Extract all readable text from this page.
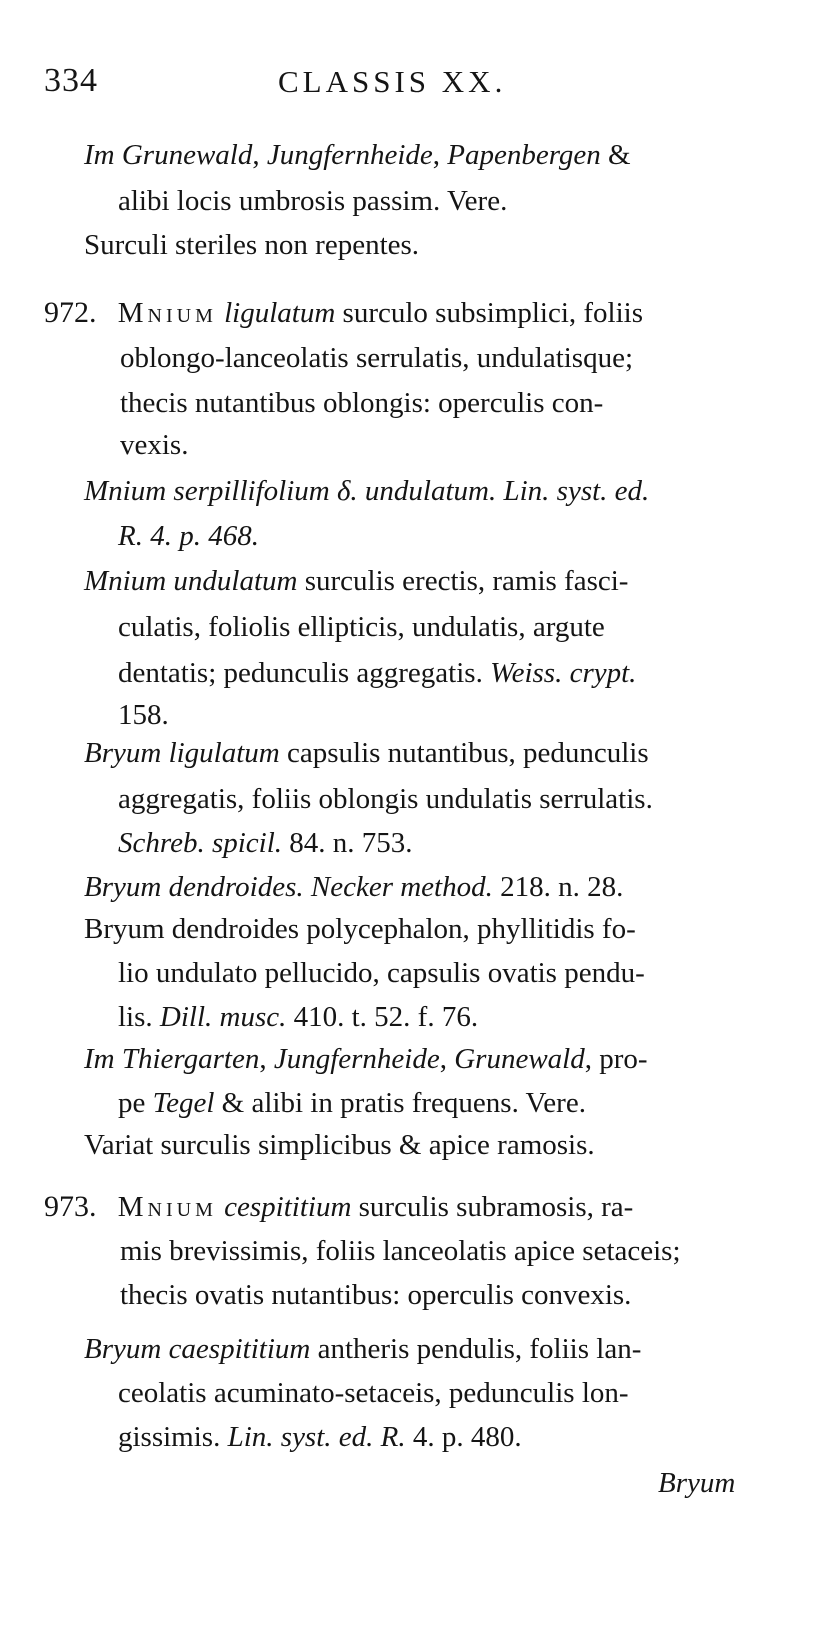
334	CLASSIS XX.
Im Grunewald, Jungfernheide, Papenbergen &
alibi locis umbrosis passim. Vere.
Surculi steriles non repentes.
972. Mnium ligulatum surculo subsimplici, foliis
oblongo-lanceolatis serrulatis, undulatisque;
thecis nutantibus oblongis: operculis con-
vexis.
Mnium serpillifolium δ. undulatum. Lin. syst. ed.
R. 4. p. 468.
Mnium undulatum surculis erectis, ramis fasci-
culatis, foliolis ellipticis, undulatis, argute
dentatis; pedunculis aggregatis. Weiss. crypt.
158.
Bryum ligulatum capsulis nutantibus, pedunculis
aggregatis, foliis oblongis undulatis serrulatis.
Schreb. spicil. 84. n. 753.
Bryum dendroides. Necker method. 218. n. 28.
Bryum dendroides polycephalon, phyllitidis fo-
lio undulato pellucido, capsulis ovatis pendu-
lis. Dill. musc. 410. t. 52. f. 76.
Im Thiergarten, Jungfernheide, Grunewald, pro-
pe Tegel & alibi in pratis frequens. Vere.
Variat surculis simplicibus & apice ramosis.
973. Mnium cespititium surculis subramosis, ra-
mis brevissimis, foliis lanceolatis apice setaceis;
thecis ovatis nutantibus: operculis convexis.
Bryum caespititium antheris pendulis, foliis lan-
ceolatis acuminato-setaceis, pedunculis lon-
gissimis. Lin. syst. ed. R. 4. p. 480.
Bryum
